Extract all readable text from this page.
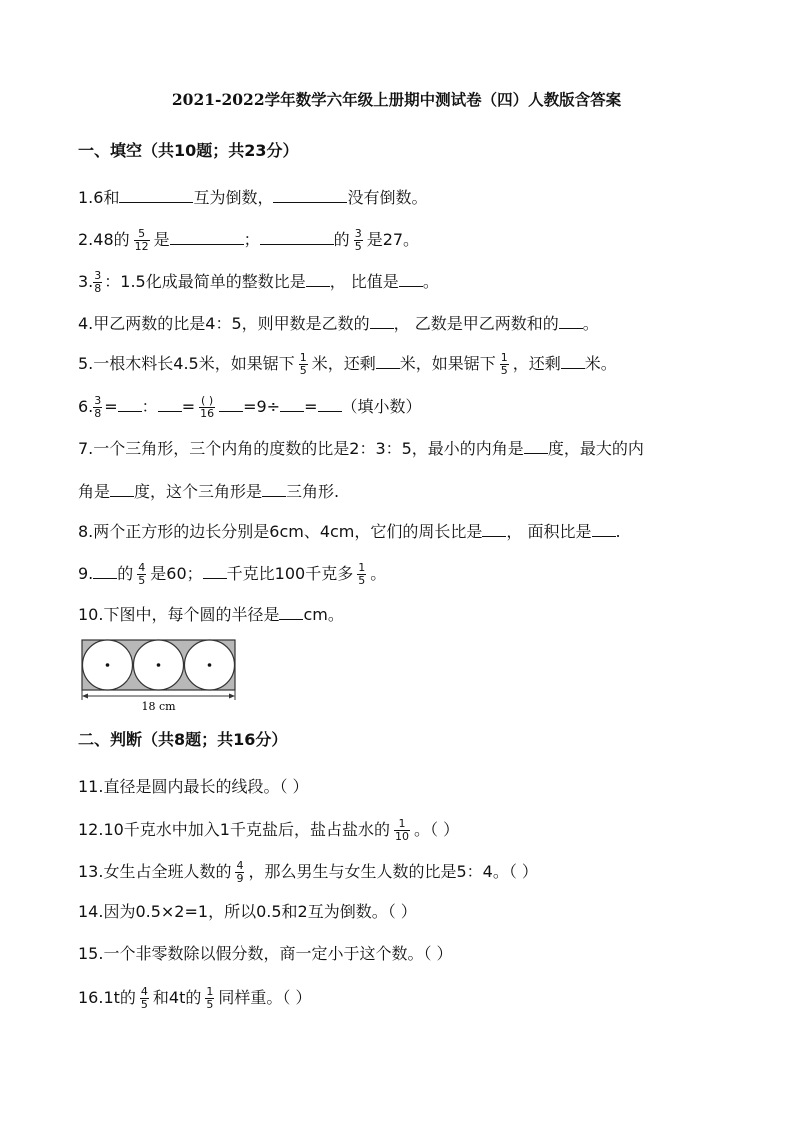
2021-2022学年数学六年级上册期中测试卷（四）人教版含答案
一、填空（共10题；共23分）
1.6和	互为倒数，	没有倒数。
2.48的 $\frac{5}{12}$ 是	；	的 $\frac{3}{5}$ 是27。
3. $\frac{3}{8}$ ：1.5化成最简单的整数比是 ， 比值是 。
4.甲乙两数的比是4：5，则甲数是乙数的 ， 乙数是甲乙两数和的 。
5.一根木料长4.5米，如果锯下 $\frac{1}{5}$ 米，还剩 米，如果锯下 $\frac{1}{5}$ ，还剩 米。
6. $\frac{3}{8}$ = ： = $\frac{( )}{16} =9\div$ = （填小数）
7.一个三角形，三个内角的度数的比是2：3：5，最小的内角是 度，最大的内
角是 度，这个三角形是 三角形.
8.两个正方形的边长分别是6cm、4cm，它们的周长比是 ， 面积比是 .
9. 的 $\frac{4}{5}$ 是60； 千克比100千克多 $\frac{1}{5}$ 。
10.下图中，每个圆的半径是 cm。
18 cm
二、判断（共8题；共16分）
11.直径是圆内最长的线段。（ ）
12.10千克水中加入1千克盐后，盐占盐水的 $\frac{1}{10}$ 。（ ）
13.女生占全班人数的 $\frac{4}{9}$ ，那么男生与女生人数的比是5：4。（ ）
14.因为0.5×2=1，所以0.5和2互为倒数。（ ）
15.一个非零数除以假分数，商一定小于这个数。（ ）
16.1t的 $\frac{4}{5}$ 和4t的 $\frac{1}{5}$ 同样重。（ ）
